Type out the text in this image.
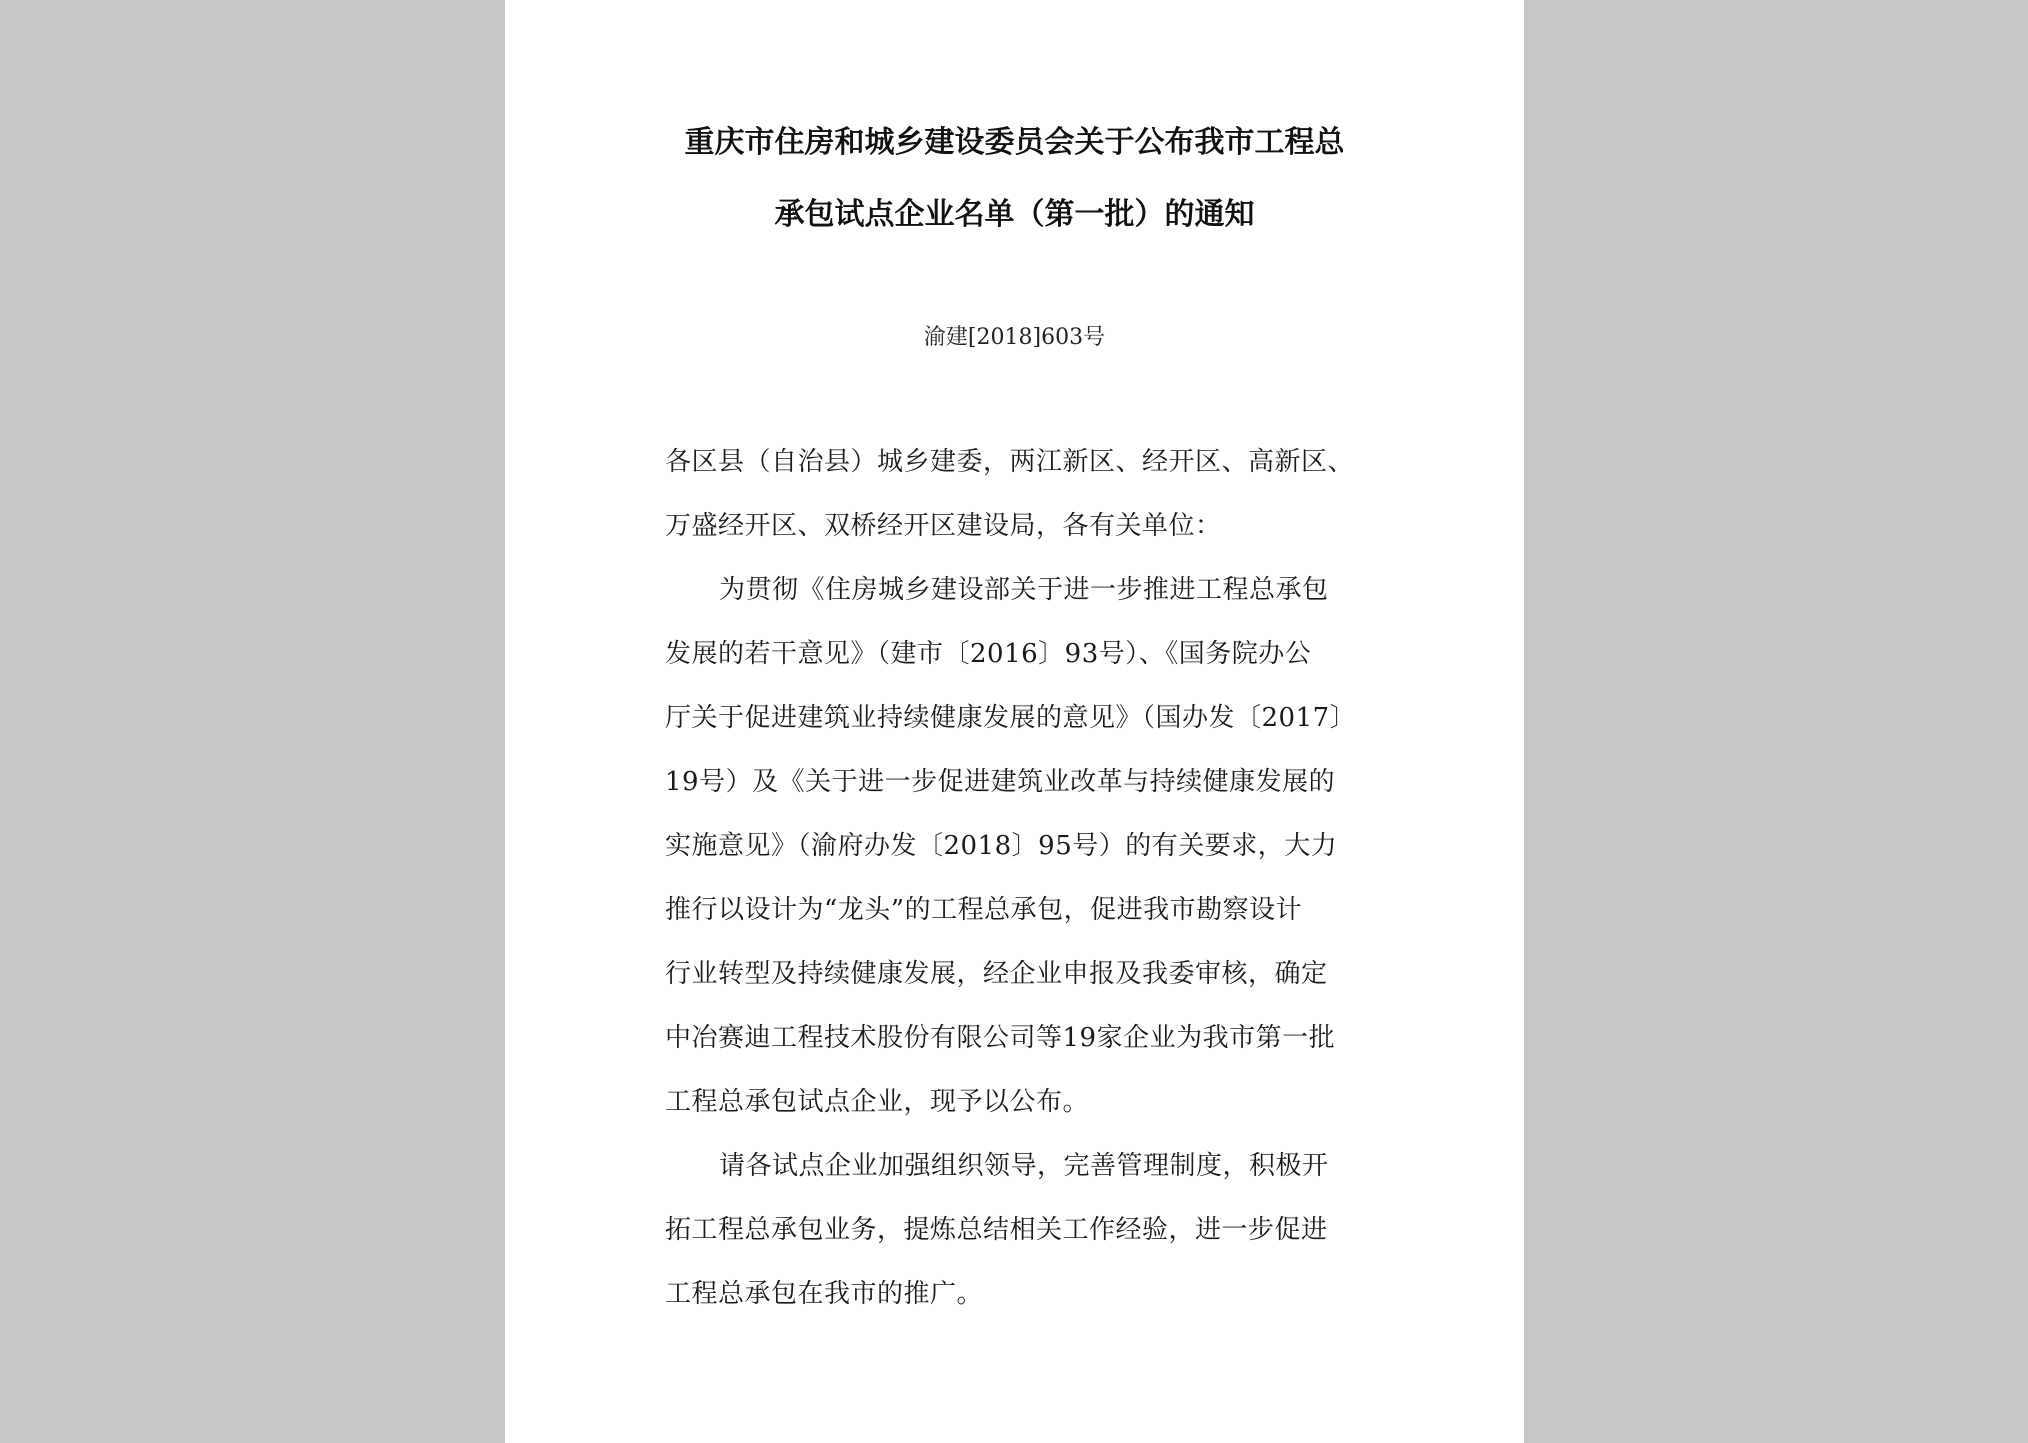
重庆市住房和城乡建设委员会关于公布我市工程总
承包试点企业名单（第一批）的通知
渝建[2018]603号
各区县（自治县）城乡建委，两江新区、经开区、高新区、
万盛经开区、双桥经开区建设局，各有关单位：
为贯彻《住房城乡建设部关于进一步推进工程总承包
发展的若干意见》（建市〔2016〕93号）、《国务院办公
厅关于促进建筑业持续健康发展的意见》（国办发〔2017〕
19号）及《关于进一步促进建筑业改革与持续健康发展的
实施意见》（渝府办发〔2018〕95号）的有关要求，大力
推行以设计为“龙头”的工程总承包，促进我市勘察设计
行业转型及持续健康发展，经企业申报及我委审核，确定
中冶赛迪工程技术股份有限公司等19家企业为我市第一批
工程总承包试点企业，现予以公布。
请各试点企业加强组织领导，完善管理制度，积极开
拓工程总承包业务，提炼总结相关工作经验，进一步促进
工程总承包在我市的推广。
